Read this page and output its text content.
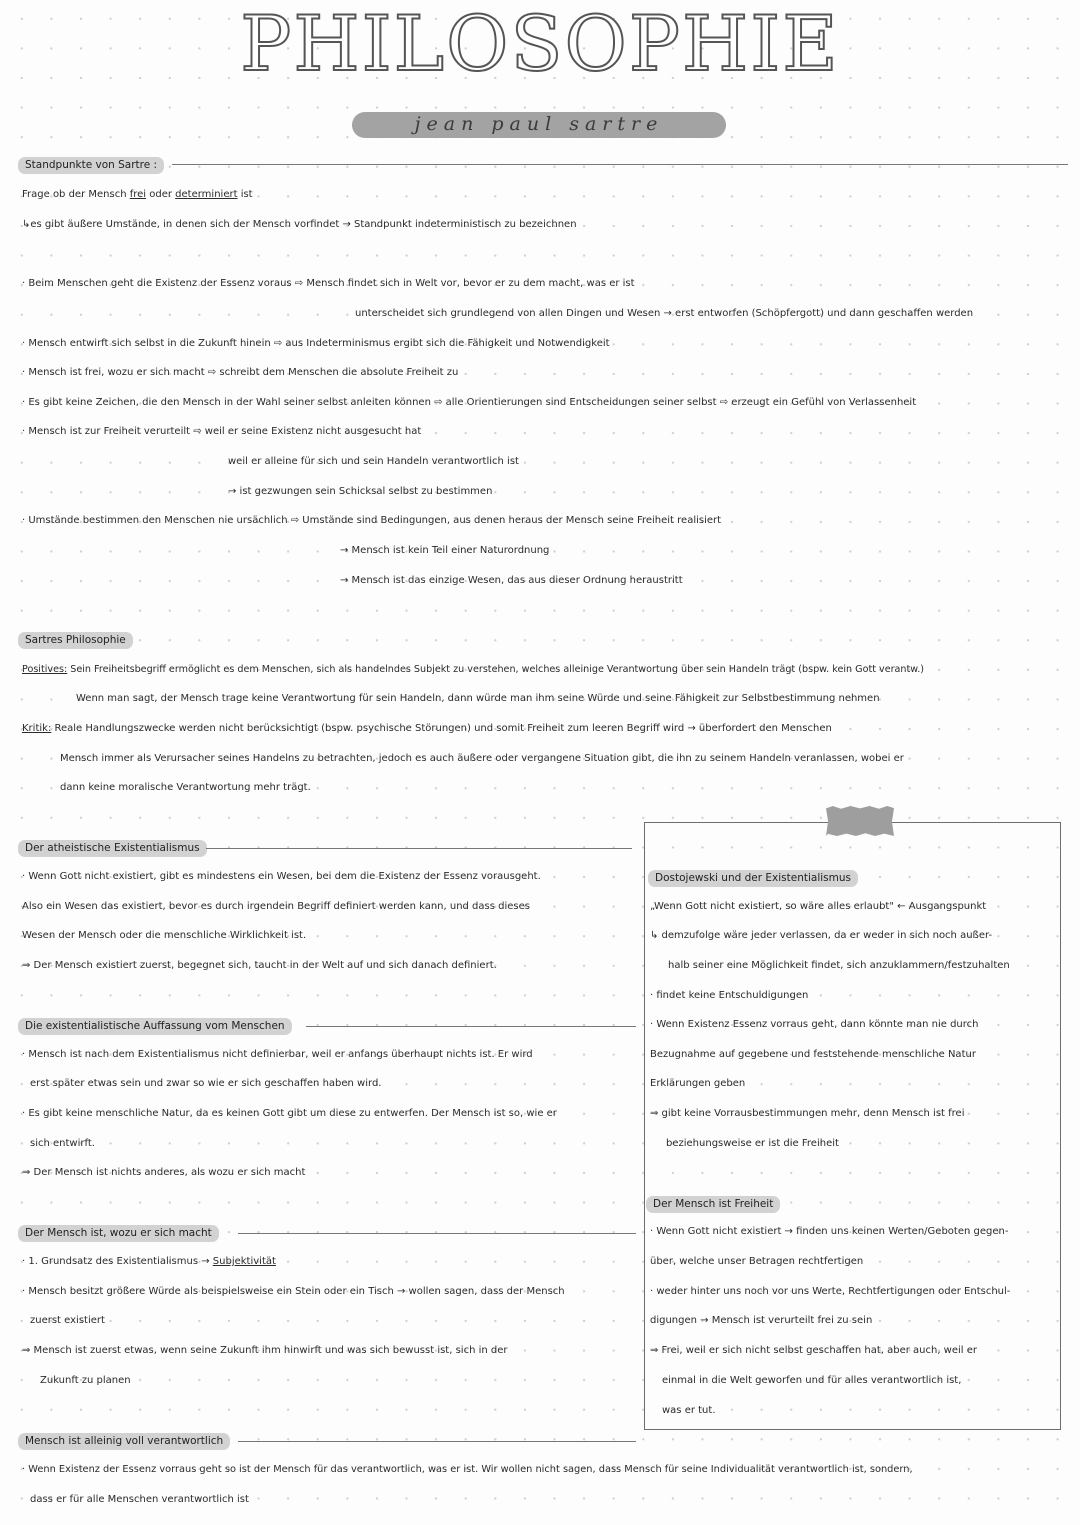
PHILOSOPHIE
jean paul sartre
Standpunkte von Sartre :
Frage ob der Mensch frei oder determiniert ist
↳es gibt äußere Umstände, in denen sich der Mensch vorfindet → Standpunkt indeterministisch zu bezeichnen
· Beim Menschen geht die Existenz der Essenz voraus ⇨ Mensch findet sich in Welt vor, bevor er zu dem macht, was er ist
unterscheidet sich grundlegend von allen Dingen und Wesen → erst entworfen (Schöpfergott) und dann geschaffen werden
· Mensch entwirft sich selbst in die Zukunft hinein ⇨ aus Indeterminismus ergibt sich die Fähigkeit und Notwendigkeit
· Mensch ist frei, wozu er sich macht ⇨ schreibt dem Menschen die absolute Freiheit zu
· Es gibt keine Zeichen, die den Mensch in der Wahl seiner selbst anleiten können ⇨ alle Orientierungen sind Entscheidungen seiner selbst ⇨ erzeugt ein Gefühl von Verlassenheit
· Mensch ist zur Freiheit verurteilt ⇨ weil er seine Existenz nicht ausgesucht hat
weil er alleine für sich und sein Handeln verantwortlich ist
→ ist gezwungen sein Schicksal selbst zu bestimmen
· Umstände bestimmen den Menschen nie ursächlich ⇨ Umstände sind Bedingungen, aus denen heraus der Mensch seine Freiheit realisiert
→ Mensch ist kein Teil einer Naturordnung
→ Mensch ist das einzige Wesen, das aus dieser Ordnung heraustritt
Sartres Philosophie
Positives: Sein Freiheitsbegriff ermöglicht es dem Menschen, sich als handelndes Subjekt zu verstehen, welches alleinige Verantwortung über sein Handeln trägt (bspw. kein Gott verantw.)
Wenn man sagt, der Mensch trage keine Verantwortung für sein Handeln, dann würde man ihm seine Würde und seine Fähigkeit zur Selbstbestimmung nehmen
Kritik: Reale Handlungszwecke werden nicht berücksichtigt (bspw. psychische Störungen) und somit Freiheit zum leeren Begriff wird → überfordert den Menschen
Mensch immer als Verursacher seines Handelns zu betrachten, jedoch es auch äußere oder vergangene Situation gibt, die ihn zu seinem Handeln veranlassen, wobei er
dann keine moralische Verantwortung mehr trägt.
Der atheistische Existentialismus
· Wenn Gott nicht existiert, gibt es mindestens ein Wesen, bei dem die Existenz der Essenz vorausgeht.
Also ein Wesen das existiert, bevor es durch irgendein Begriff definiert werden kann, und dass dieses
Wesen der Mensch oder die menschliche Wirklichkeit ist.
⇒ Der Mensch existiert zuerst, begegnet sich, taucht in der Welt auf und sich danach definiert.
Die existentialistische Auffassung vom Menschen
· Mensch ist nach dem Existentialismus nicht definierbar, weil er anfangs überhaupt nichts ist. Er wird
erst später etwas sein und zwar so wie er sich geschaffen haben wird.
· Es gibt keine menschliche Natur, da es keinen Gott gibt um diese zu entwerfen. Der Mensch ist so, wie er
sich entwirft.
⇒ Der Mensch ist nichts anderes, als wozu er sich macht
Der Mensch ist, wozu er sich macht
· 1. Grundsatz des Existentialismus → Subjektivität
· Mensch besitzt größere Würde als beispielsweise ein Stein oder ein Tisch → wollen sagen, dass der Mensch
zuerst existiert
⇒ Mensch ist zuerst etwas, wenn seine Zukunft ihm hinwirft und was sich bewusst ist, sich in der
Zukunft zu planen
Mensch ist alleinig voll verantwortlich
· Wenn Existenz der Essenz vorraus geht so ist der Mensch für das verantwortlich, was er ist. Wir wollen nicht sagen, dass Mensch für seine Individualität verantwortlich ist, sondern,
dass er für alle Menschen verantwortlich ist
Dostojewski und der Existentialismus
„Wenn Gott nicht existiert, so wäre alles erlaubt" ← Ausgangspunkt
↳ demzufolge wäre jeder verlassen, da er weder in sich noch außer-
halb seiner eine Möglichkeit findet, sich anzuklammern/festzuhalten
· findet keine Entschuldigungen
· Wenn Existenz Essenz vorraus geht, dann könnte man nie durch
Bezugnahme auf gegebene und feststehende menschliche Natur
Erklärungen geben
⇒ gibt keine Vorrausbestimmungen mehr, denn Mensch ist frei
beziehungsweise er ist die Freiheit
Der Mensch ist Freiheit
· Wenn Gott nicht existiert → finden uns keinen Werten/Geboten gegen-
über, welche unser Betragen rechtfertigen
· weder hinter uns noch vor uns Werte, Rechtfertigungen oder Entschul-
digungen → Mensch ist verurteilt frei zu sein
⇒ Frei, weil er sich nicht selbst geschaffen hat, aber auch, weil er
einmal in die Welt geworfen und für alles verantwortlich ist,
was er tut.
